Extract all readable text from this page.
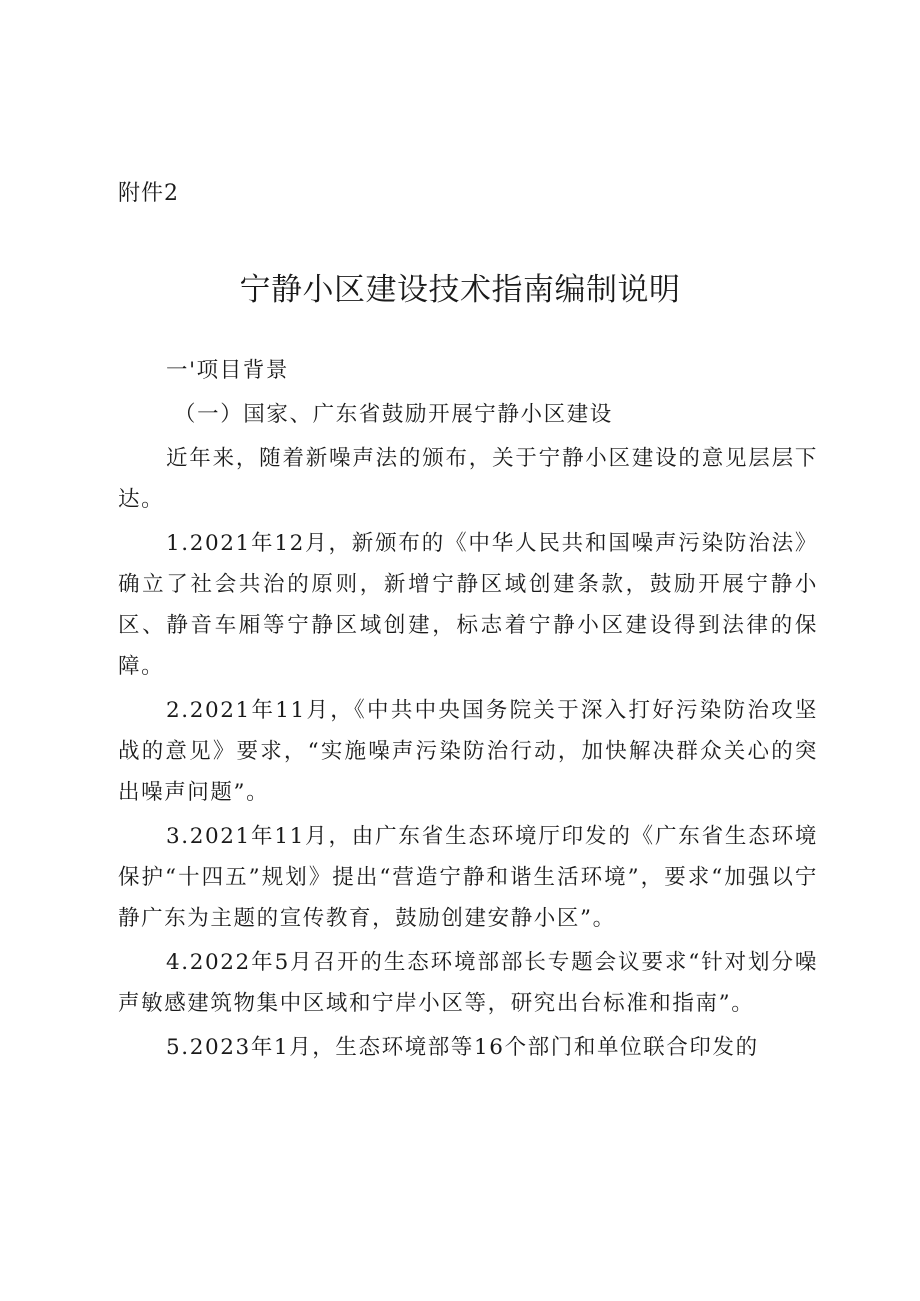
附件2
宁静小区建设技术指南编制说明

一'项目背景

（一）国家、广东省鼓励开展宁静小区建设

近年来，随着新噪声法的颁布，关于宁静小区建设的意见层层下达。

1.2021年12月，新颁布的《中华人民共和国噪声污染防治法》确立了社会共治的原则，新增宁静区域创建条款，鼓励开展宁静小区、静音车厢等宁静区域创建，标志着宁静小区建设得到法律的保障。

2.2021年11月，《中共中央国务院关于深入打好污染防治攻坚战的意见》要求，“实施噪声污染防治行动，加快解决群众关心的突出噪声问题”。

3.2021年11月，由广东省生态环境厅印发的《广东省生态环境保护“十四五”规划》提出“营造宁静和谐生活环境”，要求“加强以宁静广东为主题的宣传教育，鼓励创建安静小区”。

4.2022年5月召开的生态环境部部长专题会议要求“针对划分噪声敏感建筑物集中区域和宁岸小区等，研究出台标准和指南”。

5.2023年1月，生态环境部等16个部门和单位联合印发的
